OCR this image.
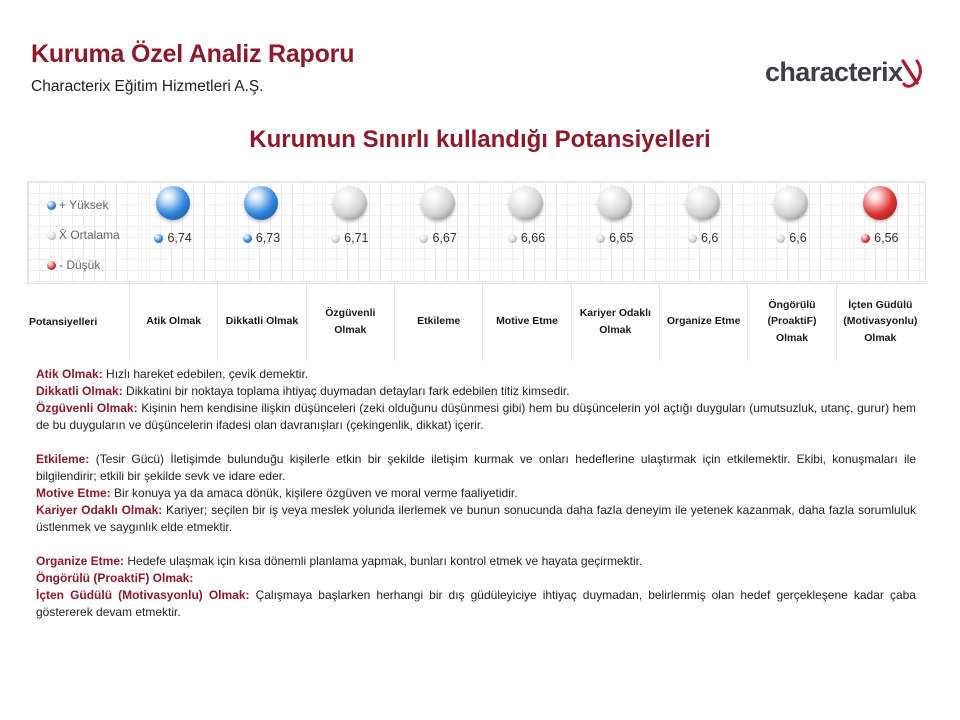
Kuruma Özel Analiz Raporu
Characterix Eğitim Hizmetleri A.Ş.	characterix
Kurumun Sınırlı kullandığı Potansiyelleri
+ Yüksek
X̄ Ortalama
- Düşük
Potansiyelleri
6,74
Atik Olmak
6,73
Dikkatli Olmak
6,71
Özgüvenli Olmak
6,67
Etkileme
6,66
Motive Etme
6,65
Kariyer Odaklı Olmak
6,6
Organize Etme
6,6
Öngörülü (ProaktiF) Olmak
6,56
İçten Güdülü (Motivasyonlu) Olmak

Atik Olmak: Hızlı hareket edebilen, çevik demektir.

Dikkatli Olmak: Dikkatini bir noktaya toplama ihtiyaç duymadan detayları fark edebilen titiz kimsedir.

Özgüvenli Olmak: Kişinin hem kendisine ilişkin düşünceleri (zeki olduğunu düşünmesi gibi) hem bu düşüncelerin yol açtığı duyguları (umutsuzluk, utanç, gurur) hem de bu duyguların ve düşüncelerin ifadesi olan davranışları (çekingenlik, dikkat) içerir.

Etkileme: (Tesir Gücü) İletişimde bulunduğu kişilerle etkin bir şekilde iletişim kurmak ve onları hedeflerine ulaştırmak için etkilemektir. Ekibi, konuşmaları ile bilgilendirir; etkili bir şekilde sevk ve idare eder.

Motive Etme: Bir konuya ya da amaca dönük, kişilere özgüven ve moral verme faaliyetidir.

Kariyer Odaklı Olmak: Kariyer; seçilen bir iş veya meslek yolunda ilerlemek ve bunun sonucunda daha fazla deneyim ile yetenek kazanmak, daha fazla sorumluluk üstlenmek ve saygınlık elde etmektir.

Organize Etme: Hedefe ulaşmak için kısa dönemli planlama yapmak, bunları kontrol etmek ve hayata geçirmektir.

Öngörülü (ProaktiF) Olmak:

İçten Güdülü (Motivasyonlu) Olmak: Çalışmaya başlarken herhangi bir dış güdüleyiciye ihtiyaç duymadan, belirlenmiş olan hedef gerçekleşene kadar çaba göstererek devam etmektir.
